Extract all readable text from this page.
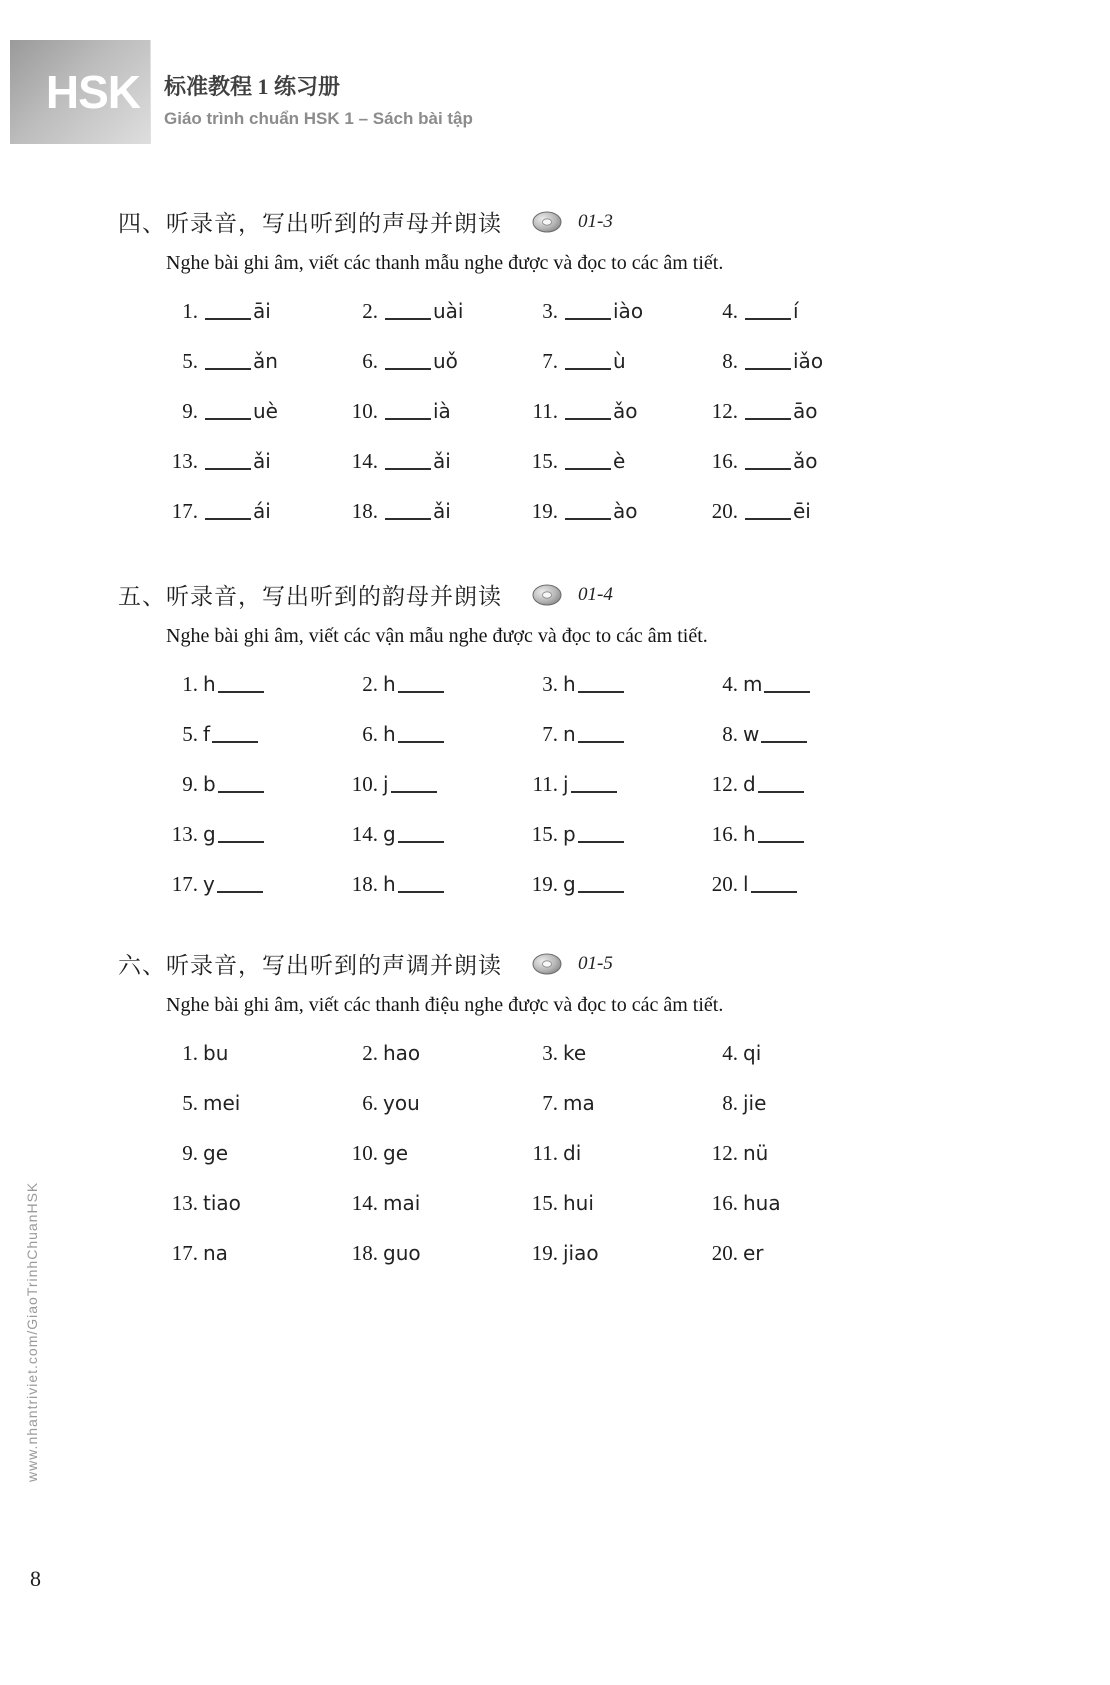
HSK 标准教程 1 练习册
Giáo trình chuẩn HSK 1 – Sách bài tập
四、听录音，写出听到的声母并朗读	01-3
Nghe bài ghi âm, viết các thanh mẫu nghe được và đọc to các âm tiết.
1.	āi	2.	uài	3.	iào	4.	í
5.	ǎn	6.	uǒ	7.	ù	8.	iǎo
9.	uè	10.	ià	11.	ǎo	12.	āo
13.	ǎi	14.	ǎi	15.	è	16.	ǎo
17.	ái	18.	ǎi	19.	ào	20.	ēi
五、听录音，写出听到的韵母并朗读	01-4
Nghe bài ghi âm, viết các vận mẫu nghe được và đọc to các âm tiết.
1. h	2. h	3. h	4. m
5. f	6. h	7. n	8. w
9. b	10. j	11. j	12. d
13. g	14. g	15. p	16. h
17. y	18. h	19. g	20. l
六、听录音，写出听到的声调并朗读	01-5
Nghe bài ghi âm, viết các thanh điệu nghe được và đọc to các âm tiết.
1. bu	2. hao	3. ke	4. qi
5. mei	6. you	7. ma	8. jie
9. ge	10. ge	11. di	12. nü
13. tiao	14. mai	15. hui	16. hua
17. na	18. guo	19. jiao	20. er
www.nhantriviet.com/GiaoTrinhChuanHSK
8
